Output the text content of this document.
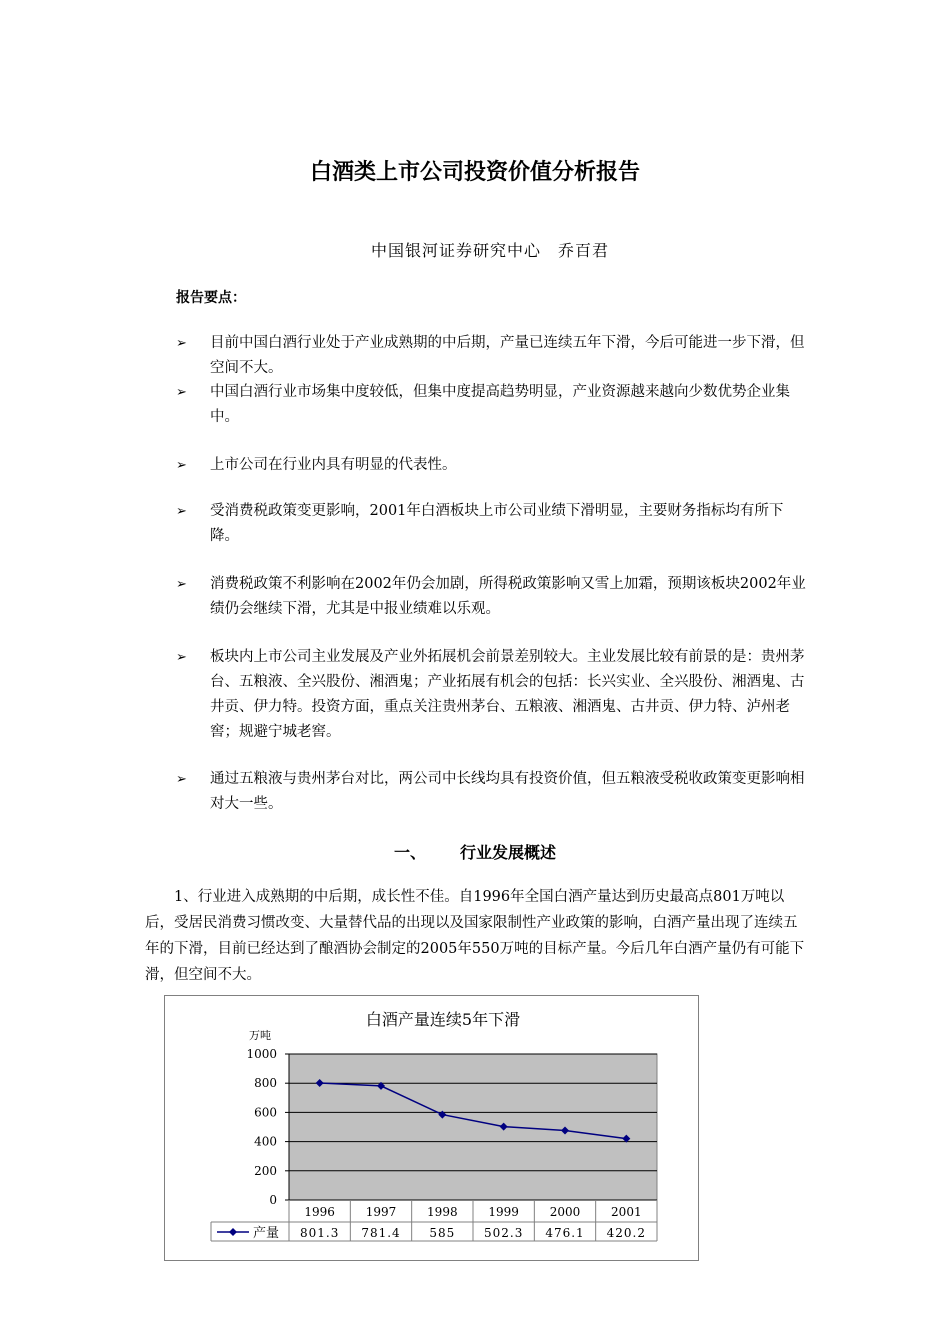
白酒类上市公司投资价值分析报告
中国银河证券研究中心　乔百君
报告要点：
➢ 目前中国白酒行业处于产业成熟期的中后期，产量已连续五年下滑，今后可能进一步下滑，但空间不大。
➢ 中国白酒行业市场集中度较低，但集中度提高趋势明显，产业资源越来越向少数优势企业集中。
➢ 上市公司在行业内具有明显的代表性。
➢ 受消费税政策变更影响，2001年白酒板块上市公司业绩下滑明显，主要财务指标均有所下降。
➢ 消费税政策不利影响在2002年仍会加剧，所得税政策影响又雪上加霜，预期该板块2002年业绩仍会继续下滑，尤其是中报业绩难以乐观。
➢ 板块内上市公司主业发展及产业外拓展机会前景差别较大。主业发展比较有前景的是：贵州茅台、五粮液、全兴股份、湘酒鬼；产业拓展有机会的包括：长兴实业、全兴股份、湘酒鬼、古井贡、伊力特。投资方面，重点关注贵州茅台、五粮液、湘酒鬼、古井贡、伊力特、泸州老窖；规避宁城老窖。
➢ 通过五粮液与贵州茅台对比，两公司中长线均具有投资价值，但五粮液受税收政策变更影响相对大一些。
一、 行业发展概述
1、行业进入成熟期的中后期，成长性不佳。自1996年全国白酒产量达到历史最高点801万吨以后，受居民消费习惯改变、大量替代品的出现以及国家限制性产业政策的影响，白酒产量出现了连续五年的下滑，目前已经达到了酿酒协会制定的2005年550万吨的目标产量。今后几年白酒产量仍有可能下滑，但空间不大。
白酒产量连续5年下滑
万吨
0
200
400
600
800
1000
1996	1997	1998	1999	2000	2001
产量 801.3 781.4 585 502.3 476.1 420.2
